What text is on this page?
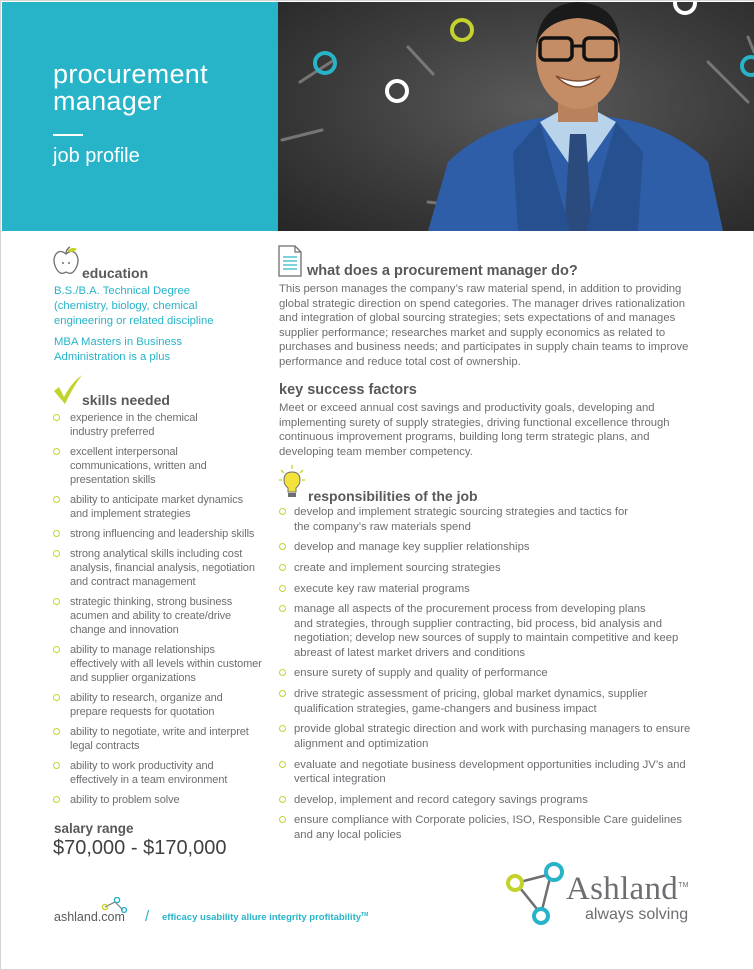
procurement
manager
job profile
education
B.S./B.A. Technical Degree
(chemistry, biology, chemical
engineering or related discipline
MBA Masters in Business
Administration is a plus
skills needed
experience in the chemical
industry preferred
excellent interpersonal
communications, written and
presentation skills
ability to anticipate market dynamics
and implement strategies
strong influencing and leadership skills
strong analytical skills including cost
analysis, financial analysis, negotiation
and contract management
strategic thinking, strong business
acumen and ability to create/drive
change and innovation
ability to manage relationships
effectively with all levels within customer
and supplier organizations
ability to research, organize and
prepare requests for quotation
ability to negotiate, write and interpret
legal contracts
ability to work productivity and
effectively in a team environment
ability to problem solve
salary range
$70,000 - $170,000
what does a procurement manager do?
This person manages the company’s raw material spend, in addition to providing
global strategic direction on spend categories. The manager drives rationalization
and integration of global sourcing strategies; sets expectations of and manages
supplier performance; researches market and supply economics as related to
purchases and business needs; and participates in supply chain teams to improve
performance and reduce total cost of ownership.
key success factors
Meet or exceed annual cost savings and productivity goals, developing and
implementing surety of supply strategies, driving functional excellence through
continuous improvement programs, building long term strategic plans, and
developing team member competency.
responsibilities of the job
develop and implement strategic sourcing strategies and tactics for
the company’s raw materials spend
develop and manage key supplier relationships
create and implement sourcing strategies
execute key raw material programs
manage all aspects of the procurement process from developing plans
and strategies, through supplier contracting, bid process, bid analysis and
negotiation; develop new sources of supply to maintain competitive and keep
abreast of latest market drivers and conditions
ensure surety of supply and quality of performance
drive strategic assessment of pricing, global market dynamics, supplier
qualification strategies, game-changers and business impact
provide global strategic direction and work with purchasing managers to ensure
alignment and optimization
evaluate and negotiate business development opportunities including JV’s and
vertical integration
develop, implement and record category savings programs
ensure compliance with Corporate policies, ISO, Responsible Care guidelines
and any local policies
ashland.com / efficacy usability allure integrity profitability™
Ashland™
always solving
